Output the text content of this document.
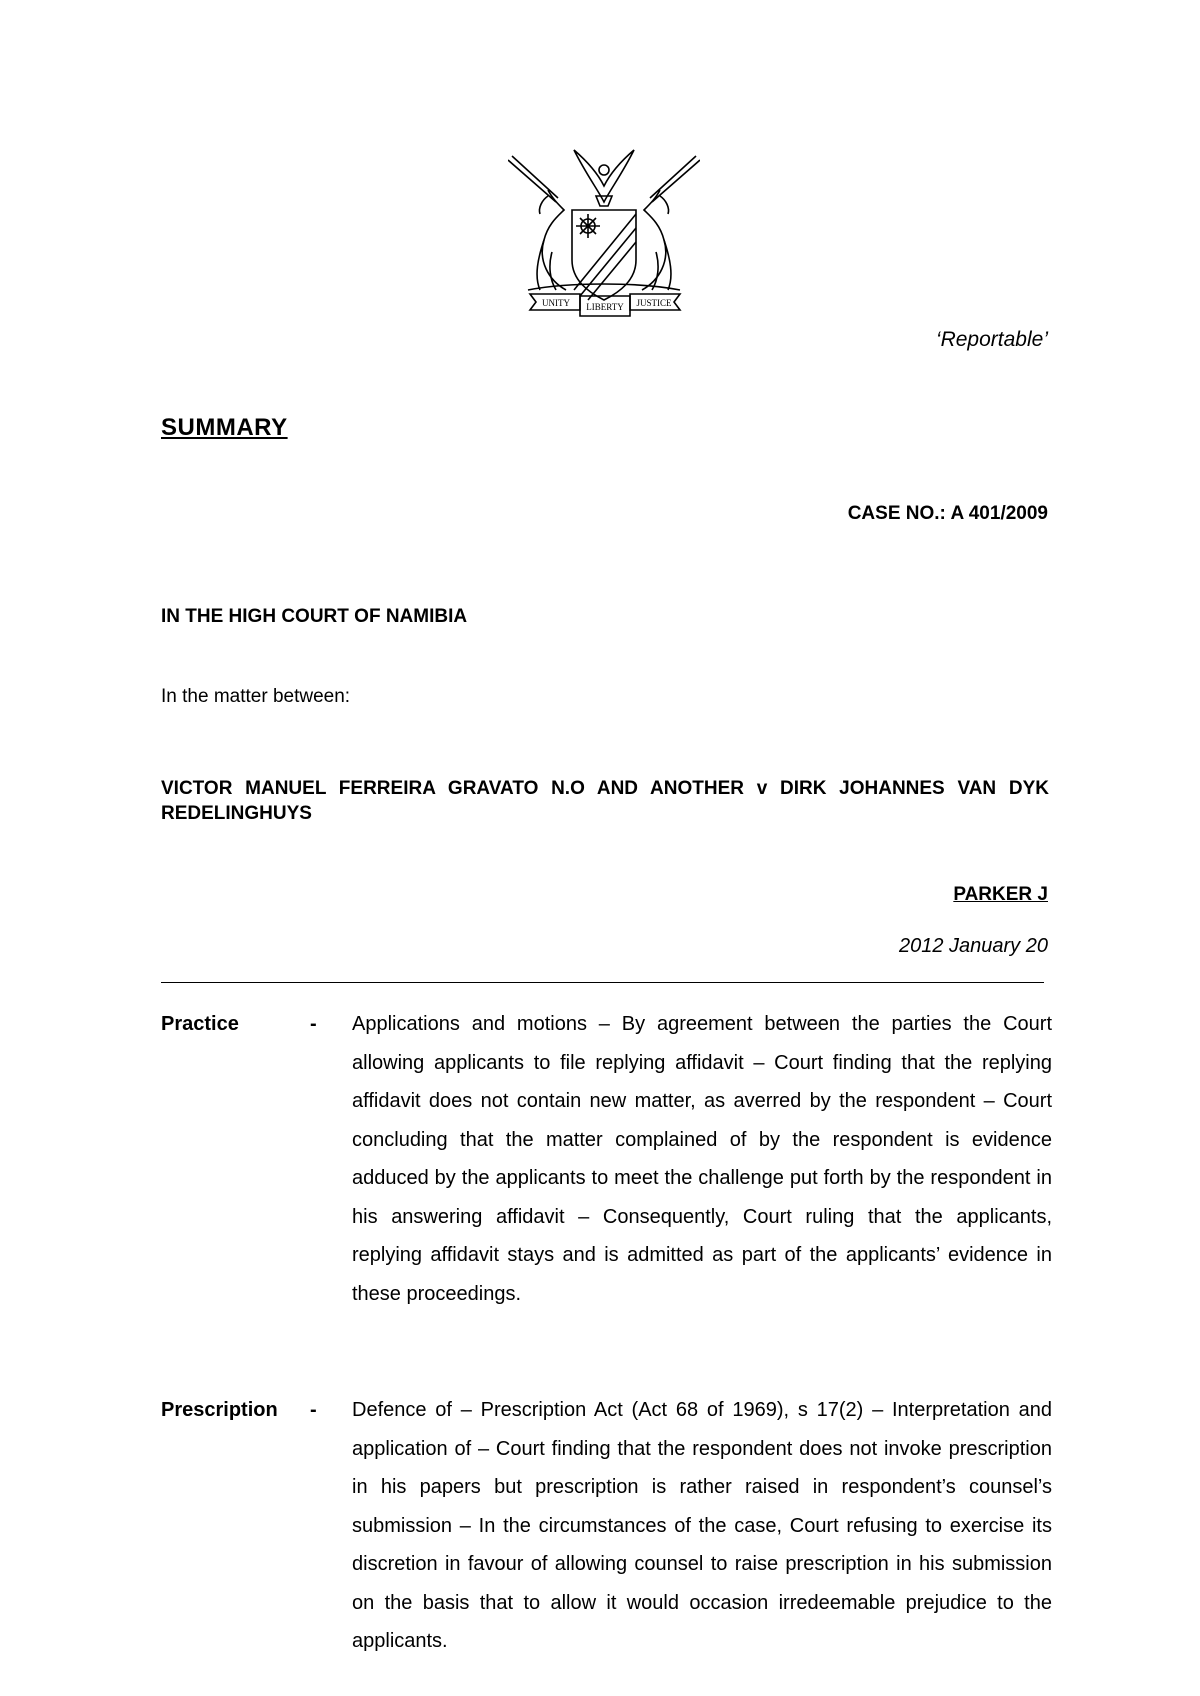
UNITY LIBERTY JUSTICE
‘Reportable’
SUMMARY
CASE NO.: A 401/2009
IN THE HIGH COURT OF NAMIBIA
In the matter between:
VICTOR MANUEL FERREIRA GRAVATO N.O AND ANOTHER v DIRK JOHANNES VAN DYK REDELINGHUYS
PARKER J
2012 January 20
Practice	- Applications and motions – By agreement between the parties the Court allowing applicants to file replying affidavit – Court finding that the replying affidavit does not contain new matter, as averred by the respondent – Court concluding that the matter complained of by the respondent is evidence adduced by the applicants to meet the challenge put forth by the respondent in his answering affidavit – Consequently, Court ruling that the applicants, replying affidavit stays and is admitted as part of the applicants’ evidence in these proceedings.
Prescription - Defence of – Prescription Act (Act 68 of 1969), s 17(2) – Interpretation and application of – Court finding that the respondent does not invoke prescription in his papers but prescription is rather raised in respondent’s counsel’s submission – In the circumstances of the case, Court refusing to exercise its discretion in favour of allowing counsel to raise prescription in his submission on the basis that to allow it would occasion irredeemable prejudice to the applicants.
